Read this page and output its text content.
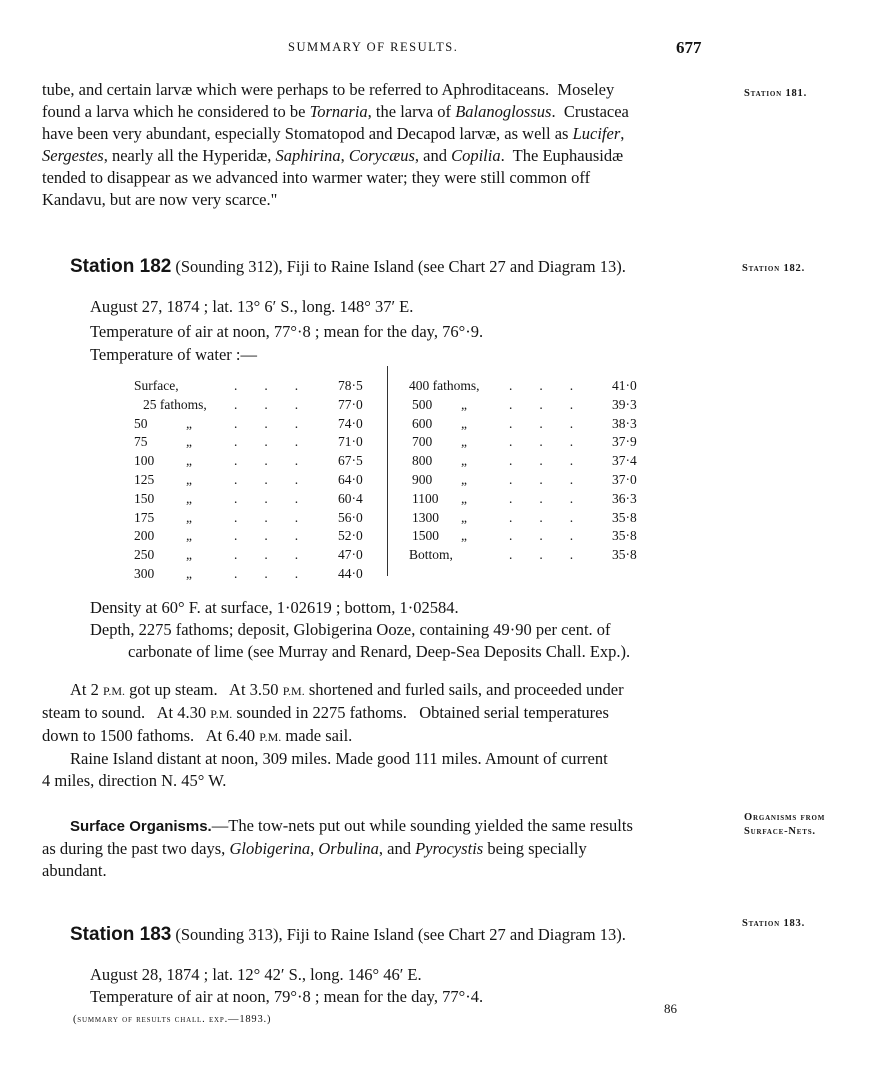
SUMMARY OF RESULTS.	677
tube, and certain larvæ which were perhaps to be referred to Aphroditaceans.  Moseley
found a larva which he considered to be Tornaria, the larva of Balanoglossus.  Crustacea
have been very abundant, especially Stomatopod and Decapod larvæ, as well as Lucifer,
Sergestes, nearly all the Hyperidæ, Saphirina, Corycæus, and Copilia.  The Euphausidæ
tended to disappear as we advanced into warmer water; they were still common off
Kandavu, but are now very scarce."
Station 181.
Station 182 (Sounding 312), Fiji to Raine Island (see Chart 27 and Diagram 13).	Station 182.
August 27, 1874 ; lat. 13° 6′ S., long. 148° 37′ E.
Temperature of air at noon, 77°·8 ; mean for the day, 76°·9.
Temperature of water :—
Surface,	.        .        .	78·5
25 fathoms, .        .        .	77·0
50	„	.        .        .	74·0
75	„	.        .        .	71·0
100 „	.        .        .	67·5
125 „	.        .        .	64·0
150 „	.        .        .	60·4
175 „	.        .        .	56·0
200 „	.        .        .	52·0
250 „	.        .        .	47·0
300 „	.        .        .	44·0
400 fathoms, .        .        .	41·0
500 „	.        .        .	39·3
600 „	.        .        .	38·3
700 „	.        .        .	37·9
800 „	.        .        .	37·4
900 „	.        .        .	37·0
1100 „	.        .        .	36·3
1300 „	.        .        .	35·8
1500 „	.        .        .	35·8
Bottom,	.        .        .	35·8
Density at 60° F. at surface, 1·02619 ; bottom, 1·02584.
Depth, 2275 fathoms; deposit, Globigerina Ooze, containing 49·90 per cent. of
carbonate of lime (see Murray and Renard, Deep-Sea Deposits Chall. Exp.).
At 2 P.M. got up steam.   At 3.50 P.M. shortened and furled sails, and proceeded under
steam to sound.   At 4.30 P.M. sounded in 2275 fathoms.   Obtained serial temperatures
down to 1500 fathoms.   At 6.40 P.M. made sail.
Raine Island distant at noon, 309 miles. Made good 111 miles. Amount of current
4 miles, direction N. 45° W.
Surface Organisms.—The tow-nets put out while sounding yielded the same results
as during the past two days, Globigerina, Orbulina, and Pyrocystis being specially
abundant.
Organisms from
Surface-Nets.
Station 183 (Sounding 313), Fiji to Raine Island (see Chart 27 and Diagram 13).
Station 183.
August 28, 1874 ; lat. 12° 42′ S., long. 146° 46′ E.
Temperature of air at noon, 79°·8 ; mean for the day, 77°·4.
86
(summary of results chall. exp.—1893.)
